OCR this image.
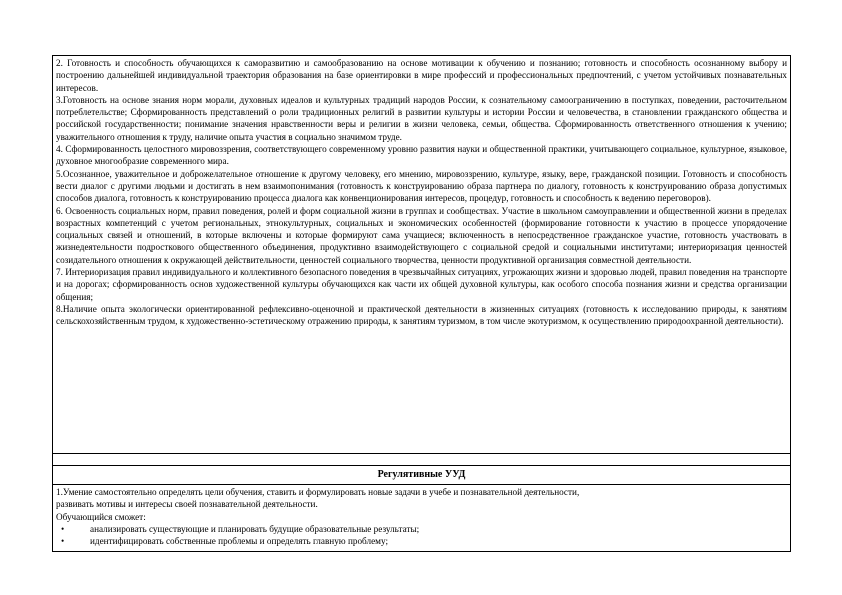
2. Готовность и способность обучающихся к саморазвитию и самообразованию на основе мотивации к обучению и познанию; готовность и способность осознанному выбору и построению дальнейшей индивидуальной траектория образования на базе ориентировки в мире профессий и профессиональных предпочтений, с учетом устойчивых познавательных интересов.

3.Готовность на основе знания норм морали, духовных идеалов и культурных традиций народов России, к сознательному самоограничению в поступках, поведении, расточительном потреблетельстве; Сформированность представлений о роли традиционных религий в развитии культуры и истории России и человечества, в становлении гражданского общества и российской государственности; понимание значения нравственности веры и религии в жизни человека, семьи, общества. Сформированность ответственного отношения к учению; уважительного отношения к труду, наличие опыта участия в социально значимом труде.

4. Сформированность целостного мировоззрения, соответствующего современному уровню развития науки и общественной практики, учитывающего социальное, культурное, языковое, духовное многообразие современного мира.

5.Осознанное, уважительное и доброжелательное отношение к другому человеку, его мнению, мировоззрению, культуре, языку, вере, гражданской позиции. Готовность и способность вести диалог с другими людьми и достигать в нем взаимопонимания (готовность к конструированию образа партнера по диалогу, готовность к конструированию образа допустимых способов диалога, готовность к конструированию процесса диалога как конвенционирования интересов, процедур, готовность и способность к ведению переговоров).

6. Освоенность социальных норм, правил поведения, ролей и форм социальной жизни в группах и сообществах. Участие в школьном самоуправлении и общественной жизни в пределах возрастных компетенций с учетом региональных, этнокультурных, социальных и экономических особенностей (формирование готовности к участию в процессе упорядочение социальных связей и отношений, в которые включены и которые формируют сама учащиеся; включенность в непосредственное гражданское участие, готовность участвовать в жизнедеятельности подросткового общественного объединения, продуктивно взаимодействующего с социальной средой и социальными институтами; интериоризация ценностей созидательного отношения к окружающей действительности, ценностей социального творчества, ценности продуктивной организация совместной деятельности.

7. Интериоризация правил индивидуального и коллективного безопасного поведения в чрезвычайных ситуациях, угрожающих жизни и здоровью людей, правил поведения на транспорте и на дорогах; сформированность основ художественной культуры обучающихся как части их общей духовной культуры, как особого способа познания жизни и средства организации общения;

8.Наличие опыта экологически ориентированной рефлексивно-оценочной и практической деятельности в жизненных ситуациях (готовность к исследованию природы, к занятиям сельскохозяйственным трудом, к художественно-эстетическому отражению природы, к занятиям туризмом, в том числе экотуризмом, к осуществлению природоохранной деятельности).

Регулятивные УУД

1.Умение самостоятельно определять цели обучения, ставить и формулировать новые задачи в учебе и познавательной деятельности,

развивать мотивы и интересы своей познавательной деятельности.

Обучающийся сможет:

•	анализировать существующие и планировать будущие образовательные результаты;

•	идентифицировать собственные проблемы и определять главную проблему;
